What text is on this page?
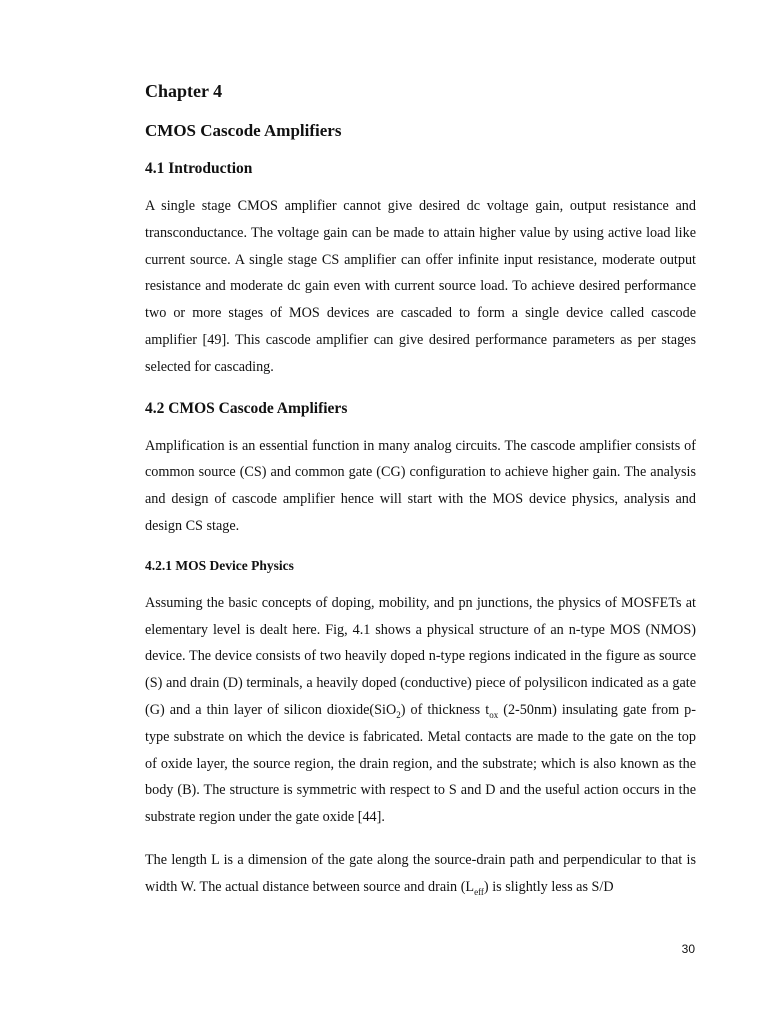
Chapter 4
CMOS Cascode Amplifiers
4.1 Introduction

A single stage CMOS amplifier cannot give desired dc voltage gain, output resistance and transconductance. The voltage gain can be made to attain higher value by using active load like current source. A single stage CS amplifier can offer infinite input resistance, moderate output resistance and moderate dc gain even with current source load. To achieve desired performance two or more stages of MOS devices are cascaded to form a single device called cascode amplifier [49]. This cascode amplifier can give desired performance parameters as per stages selected for cascading.

4.2 CMOS Cascode Amplifiers

Amplification is an essential function in many analog circuits. The cascode amplifier consists of common source (CS) and common gate (CG) configuration to achieve higher gain. The analysis and design of cascode amplifier hence will start with the MOS device physics, analysis and design CS stage.

4.2.1 MOS Device Physics

Assuming the basic concepts of doping, mobility, and pn junctions, the physics of MOSFETs at elementary level is dealt here. Fig, 4.1 shows a physical structure of an n-type MOS (NMOS) device. The device consists of two heavily doped n-type regions indicated in the figure as source (S) and drain (D) terminals, a heavily doped (conductive) piece of polysilicon indicated as a gate (G) and a thin layer of silicon dioxide(SiO$_2$) of thickness $t_{ox}$ (2-50nm) insulating gate from p-type substrate on which the device is fabricated. Metal contacts are made to the gate on the top of oxide layer, the source region, the drain region, and the substrate; which is also known as the body (B). The structure is symmetric with respect to S and D and the useful action occurs in the substrate region under the gate oxide [44].

The length L is a dimension of the gate along the source-drain path and perpendicular to that is width W. The actual distance between source and drain $(L_{eff})$ is slightly less as S/D

30
